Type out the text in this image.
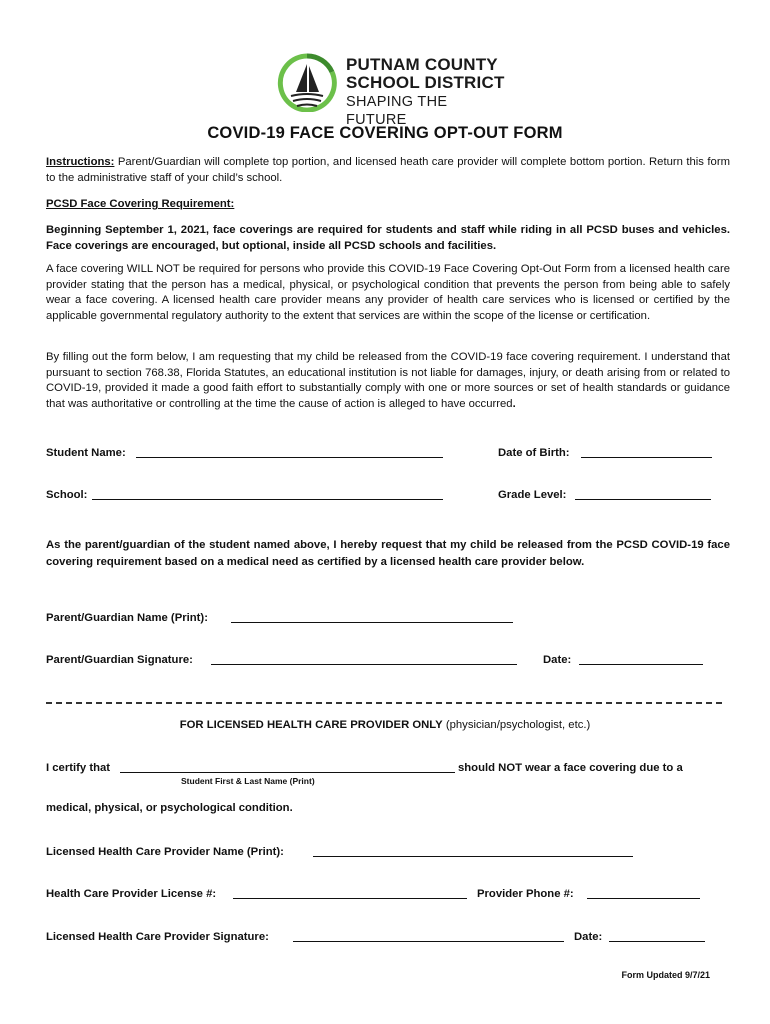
PUTNAM COUNTY
SCHOOL DISTRICT
SHAPING THE FUTURE
COVID-19 FACE COVERING OPT-OUT FORM
Instructions: Parent/Guardian will complete top portion, and licensed heath care provider will complete bottom portion. Return this form to the administrative staff of your child’s school.
PCSD Face Covering Requirement:
Beginning September 1, 2021, face coverings are required for students and staff while riding in all PCSD buses and vehicles. Face coverings are encouraged, but optional, inside all PCSD schools and facilities.
A face covering WILL NOT be required for persons who provide this COVID-19 Face Covering Opt-Out Form from a licensed health care provider stating that the person has a medical, physical, or psychological condition that prevents the person from being able to safely wear a face covering. A licensed health care provider means any provider of health care services who is licensed or certified by the applicable governmental regulatory authority to the extent that services are within the scope of the license or certification.
By filling out the form below, I am requesting that my child be released from the COVID-19 face covering requirement. I understand that pursuant to section 768.38, Florida Statutes, an educational institution is not liable for damages, injury, or death arising from or related to COVID-19, provided it made a good faith effort to substantially comply with one or more sources or set of health standards or guidance that was authoritative or controlling at the time the cause of action is alleged to have occurred.
Student Name:	Date of Birth:
School:	Grade Level:
As the parent/guardian of the student named above, I hereby request that my child be released from the PCSD COVID-19 face covering requirement based on a medical need as certified by a licensed health care provider below.
Parent/Guardian Name (Print):
Parent/Guardian Signature:	Date:
FOR LICENSED HEALTH CARE PROVIDER ONLY (physician/psychologist, etc.)
I certify that	should NOT wear a face covering due to a
Student First & Last Name (Print)
medical, physical, or psychological condition.
Licensed Health Care Provider Name (Print):
Health Care Provider License #:	Provider Phone #:
Licensed Health Care Provider Signature:	Date:
Form Updated 9/7/21
